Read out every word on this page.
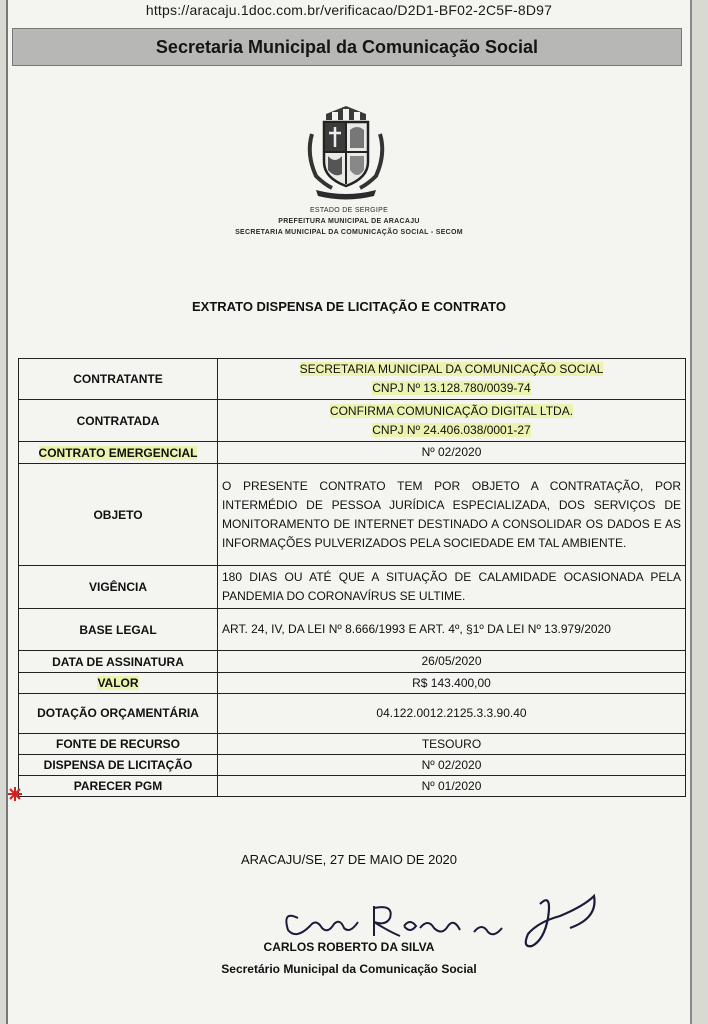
https://aracaju.1doc.com.br/verificacao/D2D1-BF02-2C5F-8D97
Secretaria Municipal da Comunicação Social
ESTADO DE SERGIPE
PREFEITURA MUNICIPAL DE ARACAJU
SECRETARIA MUNICIPAL DA COMUNICAÇÃO SOCIAL - SECOM
EXTRATO DISPENSA DE LICITAÇÃO E CONTRATO
CONTRATANTE	SECRETARIA MUNICIPAL DA COMUNICAÇÃO SOCIAL
CNPJ Nº 13.128.780/0039-74
CONTRATADA	CONFIRMA COMUNICAÇÃO DIGITAL LTDA.
CNPJ Nº 24.406.038/0001-27
CONTRATO EMERGENCIAL	Nº 02/2020
OBJETO	O PRESENTE CONTRATO TEM POR OBJETO A CONTRATAÇÃO, POR INTERMÉDIO DE PESSOA JURÍDICA ESPECIALIZADA, DOS SERVIÇOS DE MONITORAMENTO DE INTERNET DESTINADO A CONSOLIDAR OS DADOS E AS INFORMAÇÕES PULVERIZADOS PELA SOCIEDADE EM TAL AMBIENTE.
VIGÊNCIA	180 DIAS OU ATÉ QUE A SITUAÇÃO DE CALAMIDADE OCASIONADA PELA PANDEMIA DO CORONAVÍRUS SE ULTIME.
BASE LEGAL	ART. 24, IV, DA LEI Nº 8.666/1993 E ART. 4º, §1º DA LEI Nº 13.979/2020
DATA DE ASSINATURA	26/05/2020
VALOR	R$ 143.400,00
DOTAÇÃO ORÇAMENTÁRIA	04.122.0012.2125.3.3.90.40
FONTE DE RECURSO	TESOURO
DISPENSA DE LICITAÇÃO	Nº 02/2020
PARECER PGM	Nº 01/2020
ARACAJU/SE, 27 DE MAIO DE 2020
CARLOS ROBERTO DA SILVA
Secretário Municipal da Comunicação Social
